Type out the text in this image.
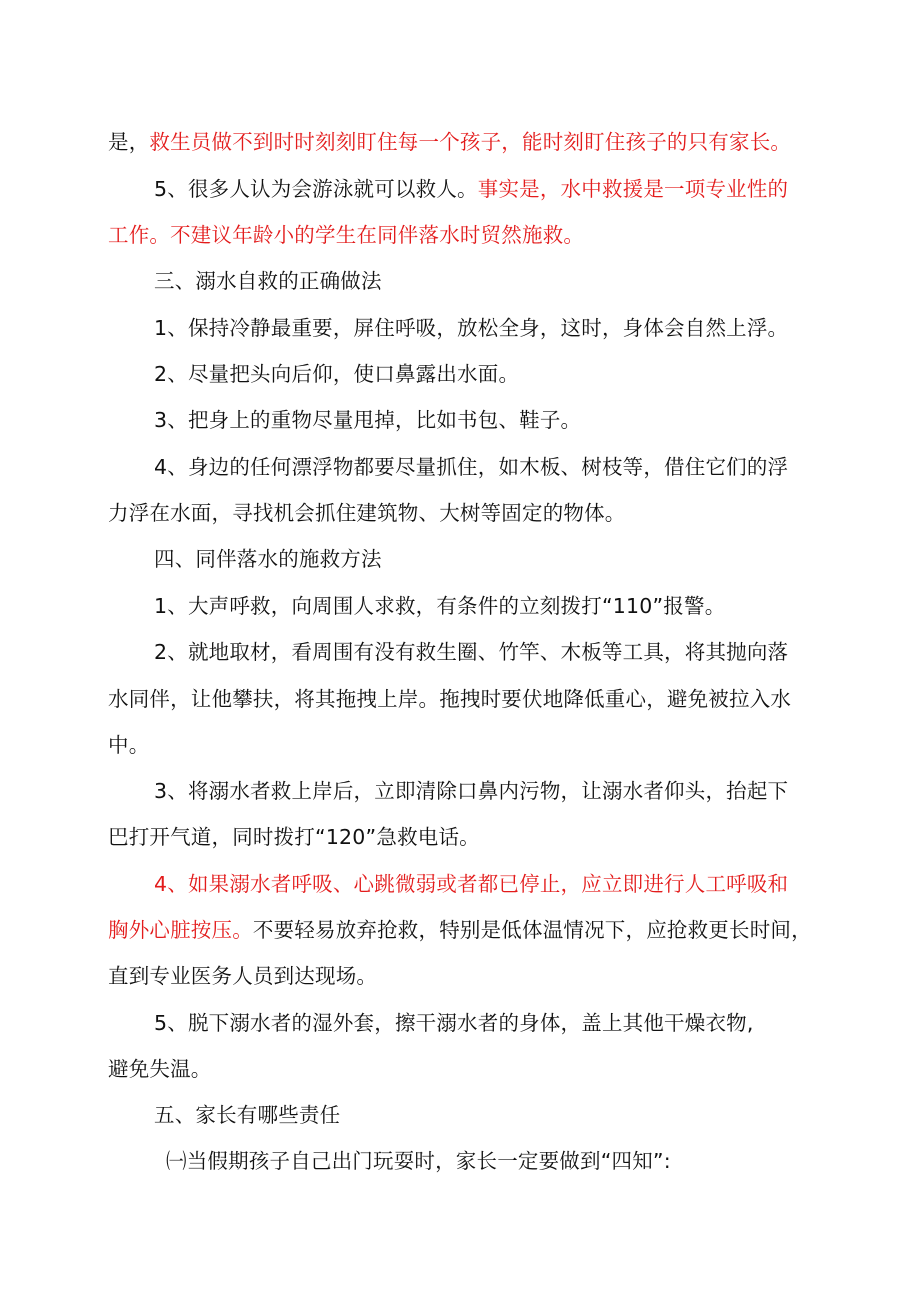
是，救生员做不到时时刻刻盯住每一个孩子，能时刻盯住孩子的只有家长。
5、很多人认为会游泳就可以救人。事实是，水中救援是一项专业性的
工作。不建议年龄小的学生在同伴落水时贸然施救。
三、溺水自救的正确做法
1、保持冷静最重要，屏住呼吸，放松全身，这时，身体会自然上浮。
2、尽量把头向后仰，使口鼻露出水面。
3、把身上的重物尽量甩掉，比如书包、鞋子。
4、身边的任何漂浮物都要尽量抓住，如木板、树枝等，借住它们的浮
力浮在水面，寻找机会抓住建筑物、大树等固定的物体。
四、同伴落水的施救方法
1、大声呼救，向周围人求救，有条件的立刻拨打“110”报警。
2、就地取材，看周围有没有救生圈、竹竿、木板等工具，将其抛向落
水同伴，让他攀扶，将其拖拽上岸。拖拽时要伏地降低重心，避免被拉入水
中。
3、将溺水者救上岸后，立即清除口鼻内污物，让溺水者仰头，抬起下
巴打开气道，同时拨打“120”急救电话。
4、如果溺水者呼吸、心跳微弱或者都已停止，应立即进行人工呼吸和
胸外心脏按压。不要轻易放弃抢救，特别是低体温情况下，应抢救更长时间，
直到专业医务人员到达现场。
5、脱下溺水者的湿外套，擦干溺水者的身体，盖上其他干燥衣物,
避免失温。
五、家长有哪些责任
㈠当假期孩子自己出门玩耍时，家长一定要做到“四知”:
